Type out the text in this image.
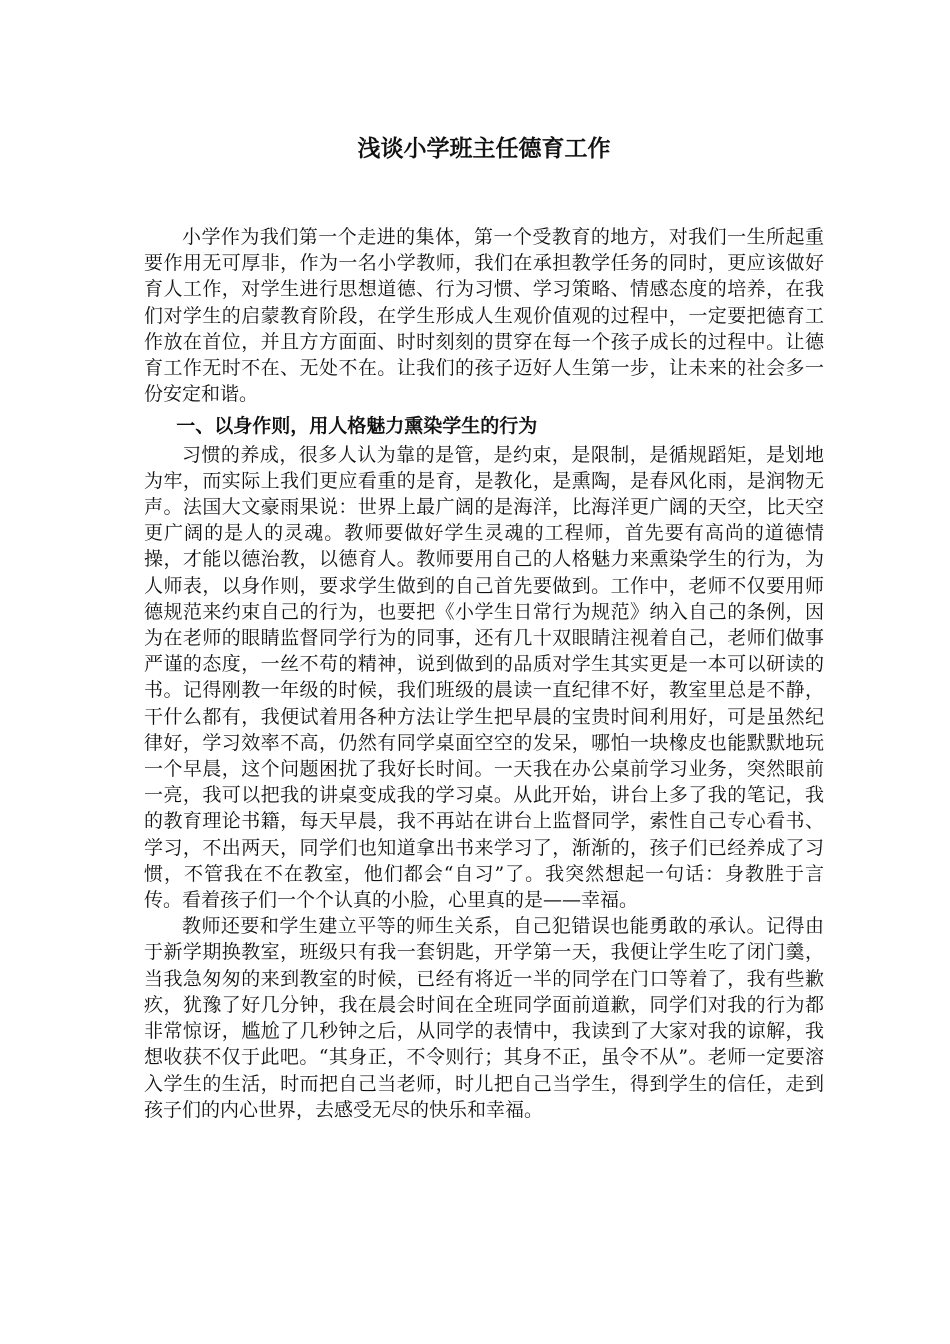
浅谈小学班主任德育工作

小学作为我们第一个走进的集体，第一个受教育的地方，对我们一生所起重要作用无可厚非，作为一名小学教师，我们在承担教学任务的同时，更应该做好育人工作，对学生进行思想道德、行为习惯、学习策略、情感态度的培养，在我们对学生的启蒙教育阶段，在学生形成人生观价值观的过程中，一定要把德育工作放在首位，并且方方面面、时时刻刻的贯穿在每一个孩子成长的过程中。让德育工作无时不在、无处不在。让我们的孩子迈好人生第一步，让未来的社会多一份安定和谐。

一、以身作则，用人格魅力熏染学生的行为

习惯的养成，很多人认为靠的是管，是约束，是限制，是循规蹈矩，是划地为牢，而实际上我们更应看重的是育，是教化，是熏陶，是春风化雨，是润物无声。法国大文豪雨果说：世界上最广阔的是海洋，比海洋更广阔的天空，比天空更广阔的是人的灵魂。教师要做好学生灵魂的工程师，首先要有高尚的道德情操，才能以德治教，以德育人。教师要用自己的人格魅力来熏染学生的行为，为人师表，以身作则，要求学生做到的自己首先要做到。工作中，老师不仅要用师德规范来约束自己的行为，也要把《小学生日常行为规范》纳入自己的条例，因为在老师的眼睛监督同学行为的同事，还有几十双眼睛注视着自己，老师们做事严谨的态度，一丝不苟的精神，说到做到的品质对学生其实更是一本可以研读的书。记得刚教一年级的时候，我们班级的晨读一直纪律不好，教室里总是不静，干什么都有，我便试着用各种方法让学生把早晨的宝贵时间利用好，可是虽然纪律好，学习效率不高，仍然有同学桌面空空的发呆，哪怕一块橡皮也能默默地玩一个早晨，这个问题困扰了我好长时间。一天我在办公桌前学习业务，突然眼前一亮，我可以把我的讲桌变成我的学习桌。从此开始，讲台上多了我的笔记，我的教育理论书籍，每天早晨，我不再站在讲台上监督同学，索性自己专心看书、学习，不出两天，同学们也知道拿出书来学习了，渐渐的，孩子们已经养成了习惯，不管我在不在教室，他们都会“自习”了。我突然想起一句话：身教胜于言传。看着孩子们一个个认真的小脸，心里真的是——幸福。

教师还要和学生建立平等的师生关系，自己犯错误也能勇敢的承认。记得由于新学期换教室，班级只有我一套钥匙，开学第一天，我便让学生吃了闭门羹，当我急匆匆的来到教室的时候，已经有将近一半的同学在门口等着了，我有些歉疚，犹豫了好几分钟，我在晨会时间在全班同学面前道歉，同学们对我的行为都非常惊讶，尴尬了几秒钟之后，从同学的表情中，我读到了大家对我的谅解，我想收获不仅于此吧。“其身正，不令则行；其身不正，虽令不从”。老师一定要溶入学生的生活，时而把自己当老师，时儿把自己当学生，得到学生的信任，走到孩子们的内心世界，去感受无尽的快乐和幸福。
